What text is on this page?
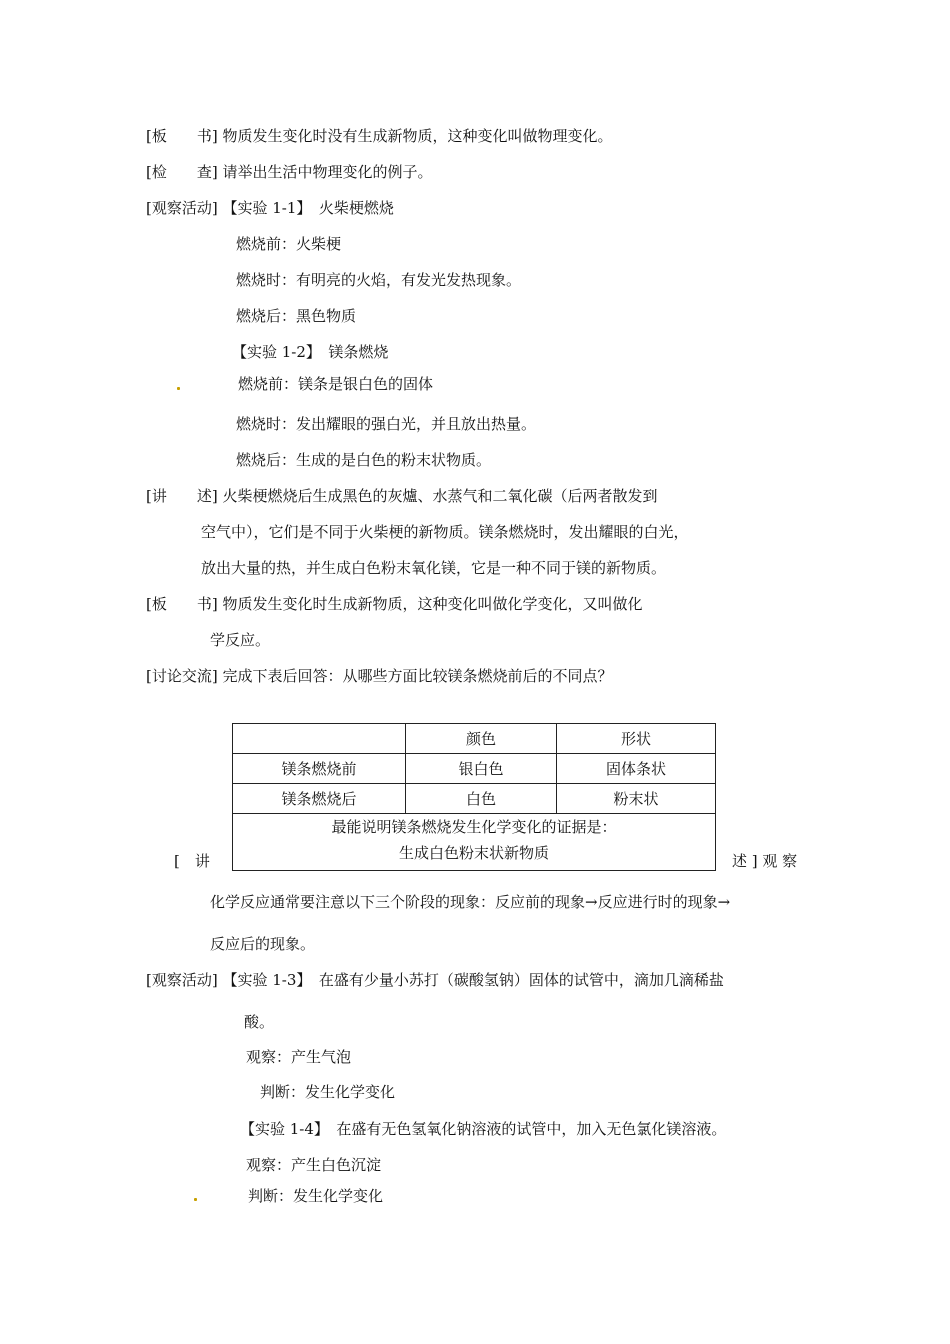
[板　　书] 物质发生变化时没有生成新物质，这种变化叫做物理变化。
[检　　查] 请举出生活中物理变化的例子。
[观察活动] 【实验 1-1】　火柴梗燃烧
燃烧前：火柴梗
燃烧时：有明亮的火焰，有发光发热现象。
燃烧后：黑色物质
【实验 1-2】　镁条燃烧
燃烧前：镁条是银白色的固体
燃烧时：发出耀眼的强白光，并且放出热量。
燃烧后：生成的是白色的粉末状物质。
[讲　　述] 火柴梗燃烧后生成黑色的灰爐、水蒸气和二氧化碳（后两者散发到
空气中），它们是不同于火柴梗的新物质。镁条燃烧时，发出耀眼的白光，
放出大量的热，并生成白色粉末氧化镁，它是一种不同于镁的新物质。
[板　　书] 物质发生变化时生成新物质，这种变化叫做化学变化，又叫做化
学反应。
[讨论交流] 完成下表后回答：从哪些方面比较镁条燃烧前后的不同点？
	颜色	形状
镁条燃烧前	银白色	固体条状
镁条燃烧后	白色	粉末状

最能说明镁条燃烧发生化学变化的证据是：
生成白色粉末状新物质		
[　讲	述 ] 观 察
化学反应通常要注意以下三个阶段的现象：反应前的现象→反应进行时的现象→
反应后的现象。
[观察活动] 【实验 1-3】　在盛有少量小苏打（碳酸氢钠）固体的试管中，滴加几滴稀盐
酸。
观察：产生气泡
判断：发生化学变化
【实验 1-4】　在盛有无色氢氧化钠溶液的试管中，加入无色氯化镁溶液。
观察：产生白色沉淀
判断：发生化学变化
